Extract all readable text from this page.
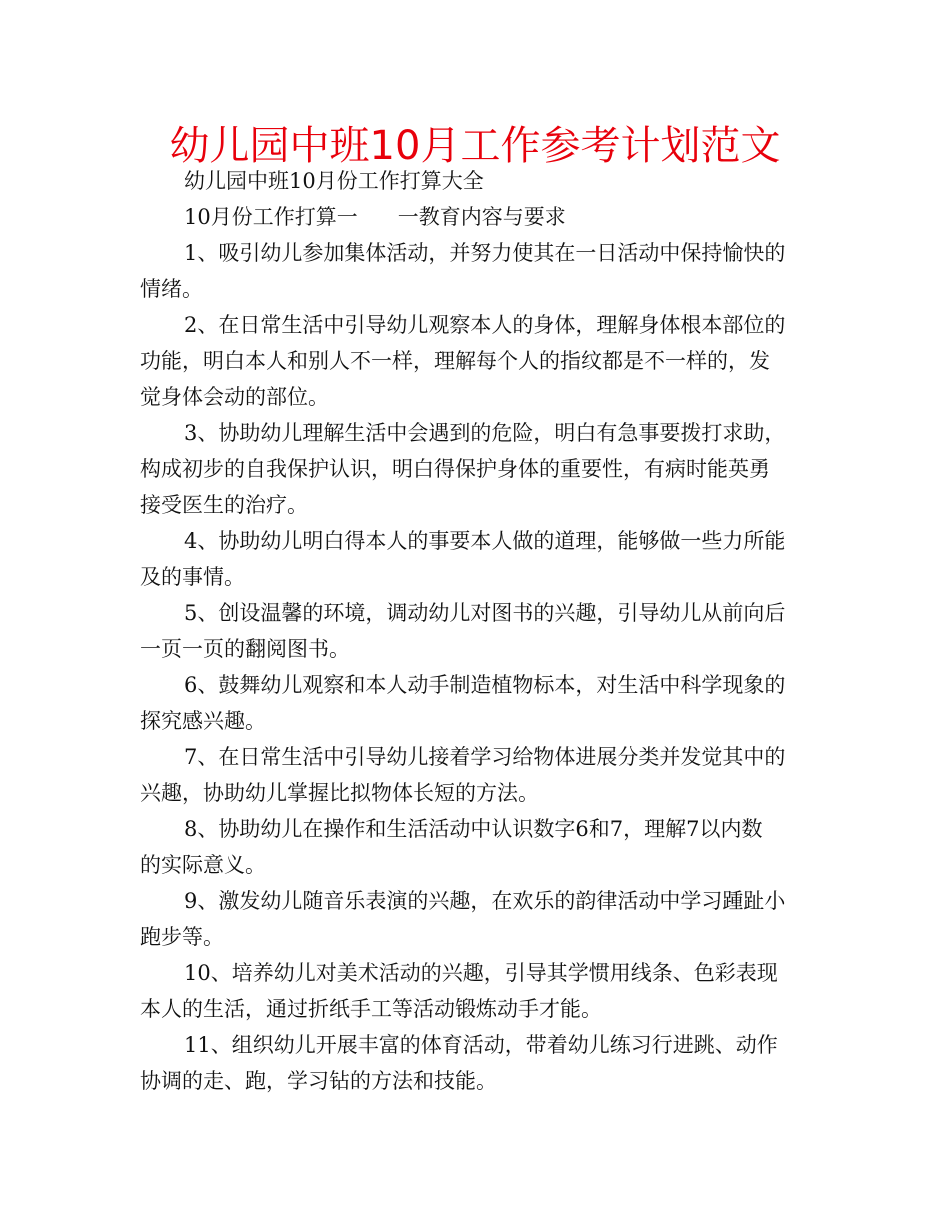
幼儿园中班10月工作参考计划范文
幼儿园中班10月份工作打算大全
10月份工作打算一 一教育内容与要求
1、吸引幼儿参加集体活动，并努力使其在一日活动中保持愉快的
情绪。
2、在日常生活中引导幼儿观察本人的身体，理解身体根本部位的
功能，明白本人和别人不一样，理解每个人的指纹都是不一样的，发
觉身体会动的部位。
3、协助幼儿理解生活中会遇到的危险，明白有急事要拨打求助，
构成初步的自我保护认识，明白得保护身体的重要性，有病时能英勇
接受医生的治疗。
4、协助幼儿明白得本人的事要本人做的道理，能够做一些力所能
及的事情。
5、创设温馨的环境，调动幼儿对图书的兴趣，引导幼儿从前向后
一页一页的翻阅图书。
6、鼓舞幼儿观察和本人动手制造植物标本，对生活中科学现象的
探究感兴趣。
7、在日常生活中引导幼儿接着学习给物体进展分类并发觉其中的
兴趣，协助幼儿掌握比拟物体长短的方法。
8、协助幼儿在操作和生活活动中认识数字6和7，理解7以内数
的实际意义。
9、激发幼儿随音乐表演的兴趣，在欢乐的韵律活动中学习踵趾小
跑步等。
10、培养幼儿对美术活动的兴趣，引导其学惯用线条、色彩表现
本人的生活，通过折纸手工等活动锻炼动手才能。
11、组织幼儿开展丰富的体育活动，带着幼儿练习行进跳、动作
协调的走、跑，学习钻的方法和技能。
